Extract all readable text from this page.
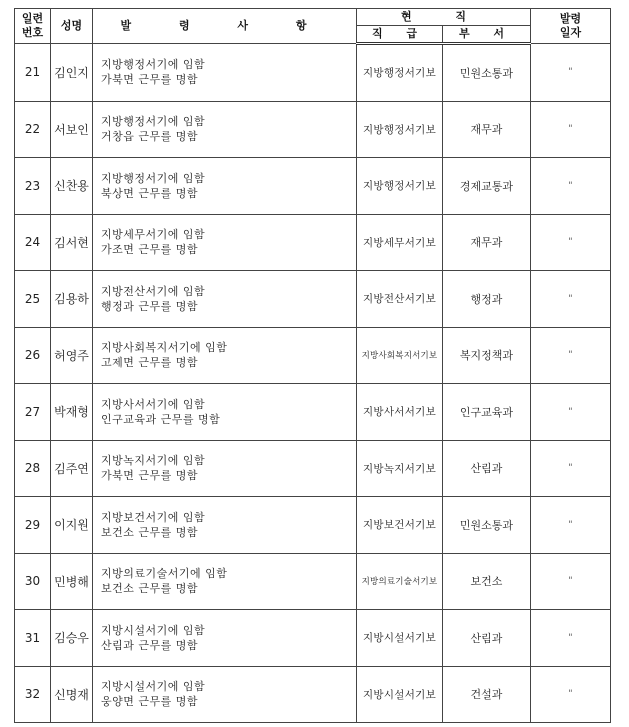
일련
번호	성명	발 령 사 항	현 직		발령
일자

			직 급	부 서	
21	김인지	지방행정서기에 임함
가북면 근무를 명함	지방행정서기보	민원소통과	"
22	서보인	지방행정서기에 임함
거창읍 근무를 명함	지방행정서기보	재무과	"
23	신찬용	지방행정서기에 임함
북상면 근무를 명함	지방행정서기보	경제교통과	"
24	김서현	지방세무서기에 임함
가조면 근무를 명함	지방세무서기보	재무과	"
25	김용하	지방전산서기에 임함
행정과 근무를 명함	지방전산서기보	행정과	"
26	허영주	지방사회복지서기에 임함
고제면 근무를 명함	지방사회복지서기보	복지정책과	"
27	박재형	지방사서서기에 임함
인구교육과 근무를 명함	지방사서서기보	인구교육과	"
28	김주연	지방녹지서기에 임함
가북면 근무를 명함	지방녹지서기보	산림과	"
29	이지원	지방보건서기에 임함
보건소 근무를 명함	지방보건서기보	민원소통과	"
30	민병해	지방의료기술서기에 임함
보건소 근무를 명함	지방의료기술서기보	보건소	"
31	김승우	지방시설서기에 임함
산림과 근무를 명함	지방시설서기보	산림과	"
32	신명재	지방시설서기에 임함
웅양면 근무를 명함	지방시설서기보	건설과	"
